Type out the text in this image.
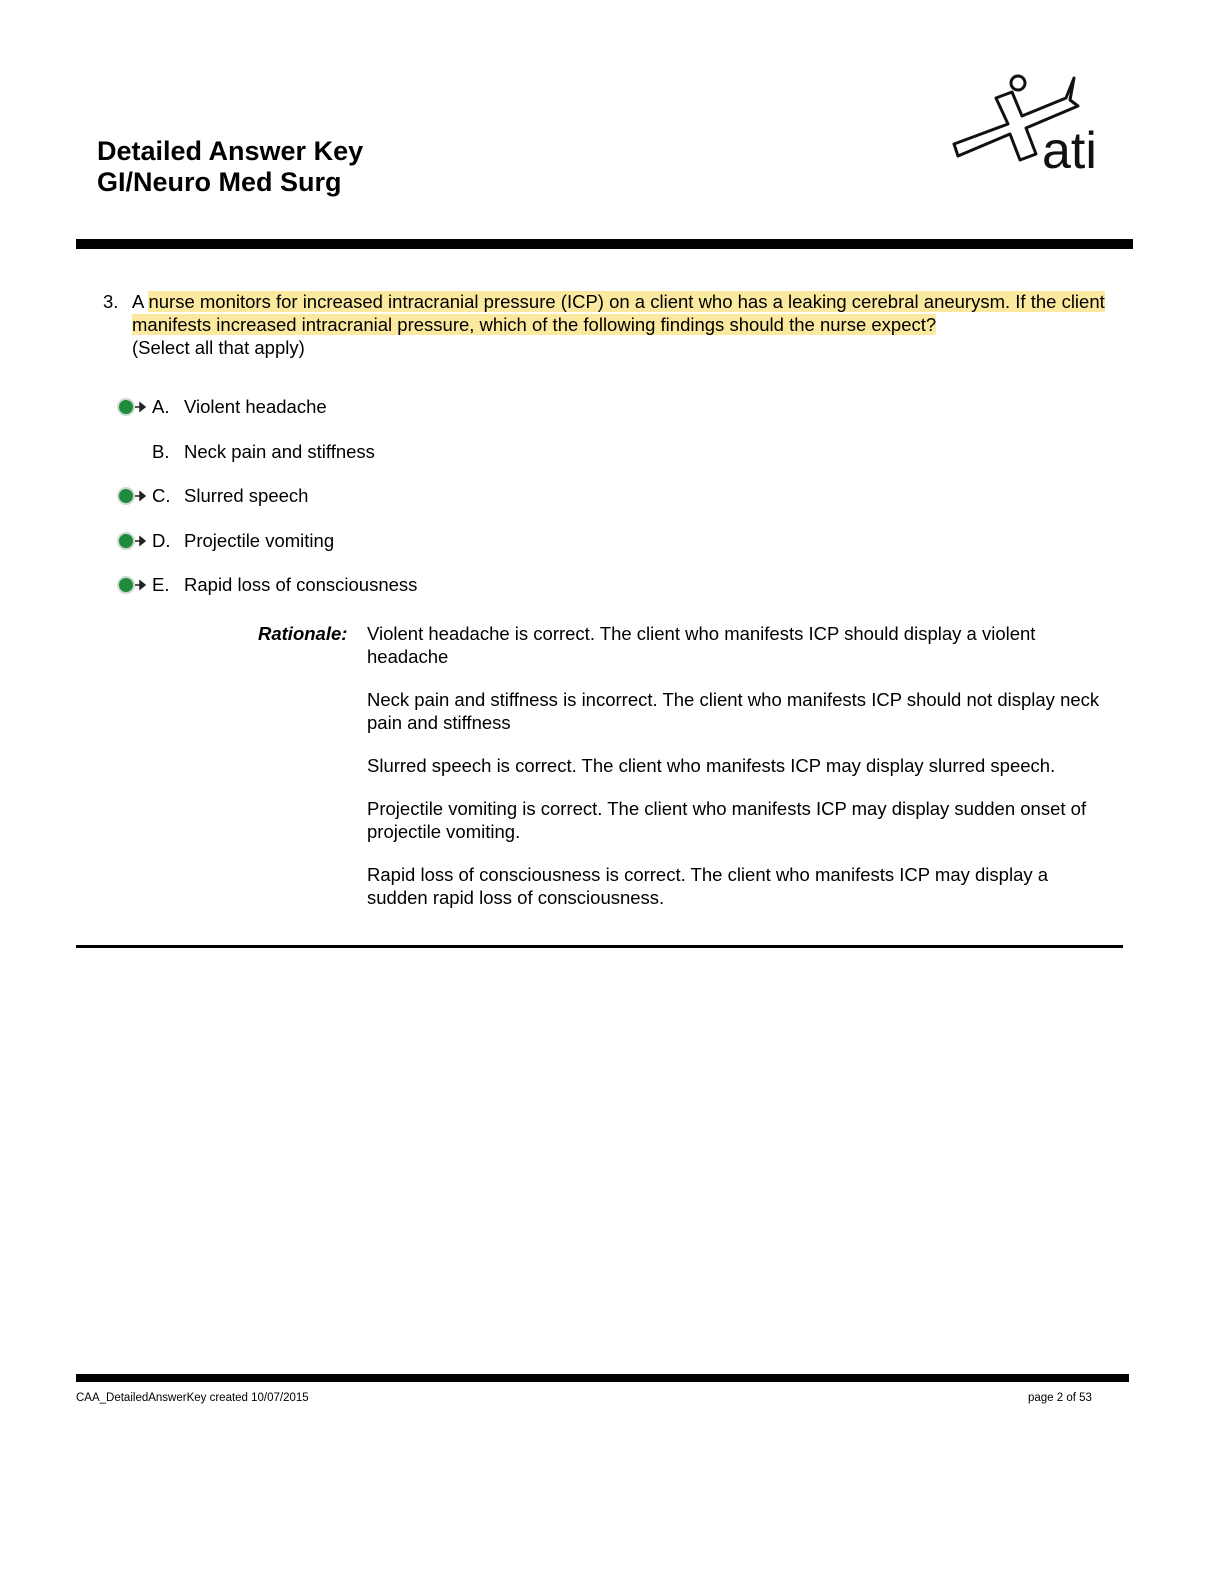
Detailed Answer Key
GI/Neuro Med Surg
ati
3. A nurse monitors for increased intracranial pressure (ICP) on a client who has a leaking cerebral aneurysm. If the client manifests increased intracranial pressure, which of the following findings should the nurse expect?
(Select all that apply)
A. Violent headache
B. Neck pain and stiffness
C. Slurred speech
D. Projectile vomiting
E. Rapid loss of consciousness
Rationale: Violent headache is correct. The client who manifests ICP should display a violent headache

Neck pain and stiffness is incorrect. The client who manifests ICP should not display neck pain and stiffness

Slurred speech is correct. The client who manifests ICP may display slurred speech.

Projectile vomiting is correct. The client who manifests ICP may display sudden onset of projectile vomiting.

Rapid loss of consciousness is correct. The client who manifests ICP may display a sudden rapid loss of consciousness.

CAA_DetailedAnswerKey created 10/07/2015	page 2 of 53
